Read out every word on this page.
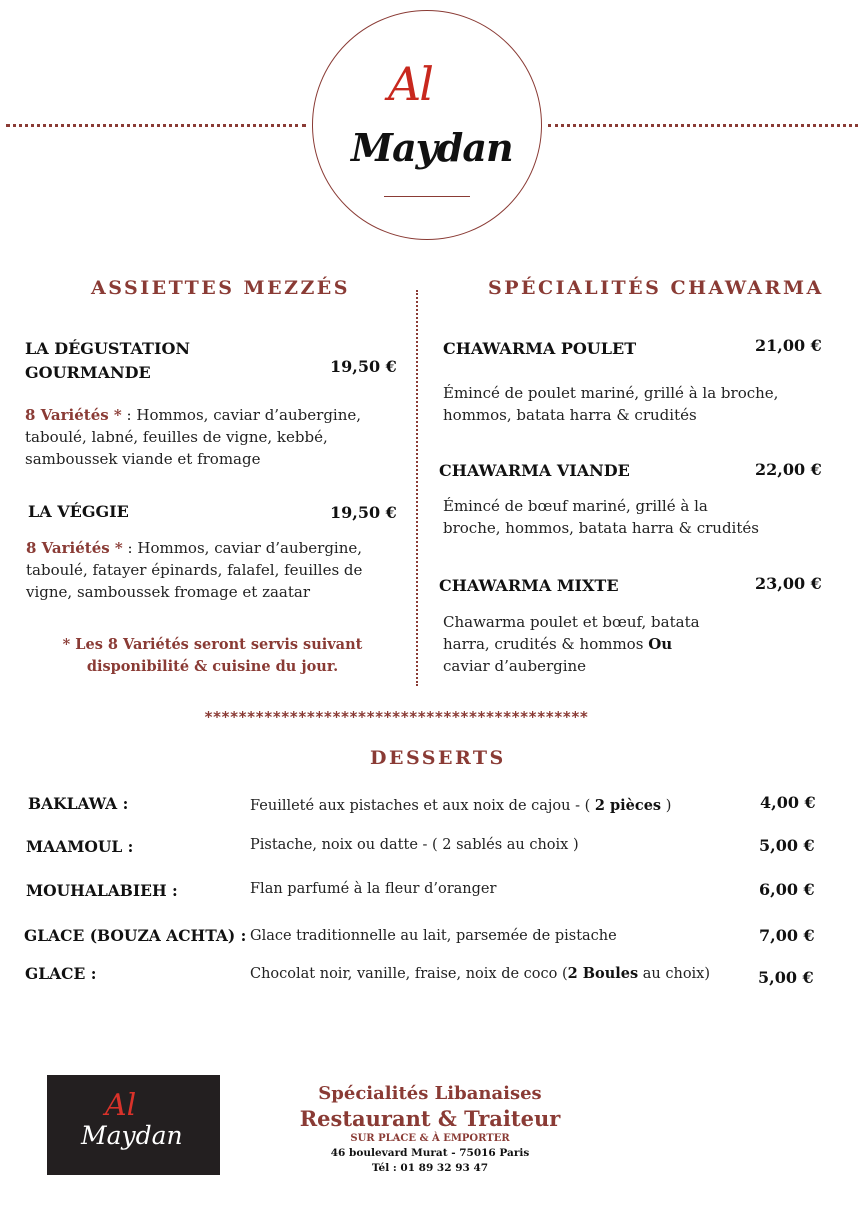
Al
Maydan
ASSIETTES MEZZÉS
LA DÉGUSTATION
GOURMANDE	19,50 €
8 Variétés * : Hommos, caviar d’aubergine, taboulé, labné, feuilles de vigne, kebbé, samboussek viande et fromage
LA VÉGGIE	19,50 €
8 Variétés * : Hommos, caviar d’aubergine, taboulé, fatayer épinards, falafel, feuilles de vigne, samboussek fromage et zaatar
* Les 8 Variétés seront servis suivant
disponibilité & cuisine du jour.
SPÉCIALITÉS CHAWARMA
CHAWARMA POULET	21,00 €
Émincé de poulet mariné, grillé à la broche,
hommos, batata harra & crudités
CHAWARMA VIANDE	22,00 €
Émincé de bœuf mariné, grillé à la
broche, hommos, batata harra & crudités
CHAWARMA MIXTE	23,00 €
Chawarma poulet et bœuf, batata
harra, crudités & hommos Ou
caviar d’aubergine
*********************************************
DESSERTS
BAKLAWA :	Feuilleté aux pistaches et aux noix de cajou - ( 2 pièces )	4,00 €
MAAMOUL :	Pistache, noix ou datte - ( 2 sablés au choix )	5,00 €
MOUHALABIEH :	Flan parfumé à la fleur d’oranger	6,00 €
GLACE (BOUZA ACHTA) : Glace traditionnelle au lait, parsemée de pistache	7,00 €
GLACE :	Chocolat noir, vanille, fraise, noix de coco (2 Boules au choix)	5,00 €
Al
Maydan
Spécialités Libanaises
Restaurant & Traiteur
SUR PLACE & À EMPORTER
46 boulevard Murat - 75016 Paris
Tél : 01 89 32 93 47
